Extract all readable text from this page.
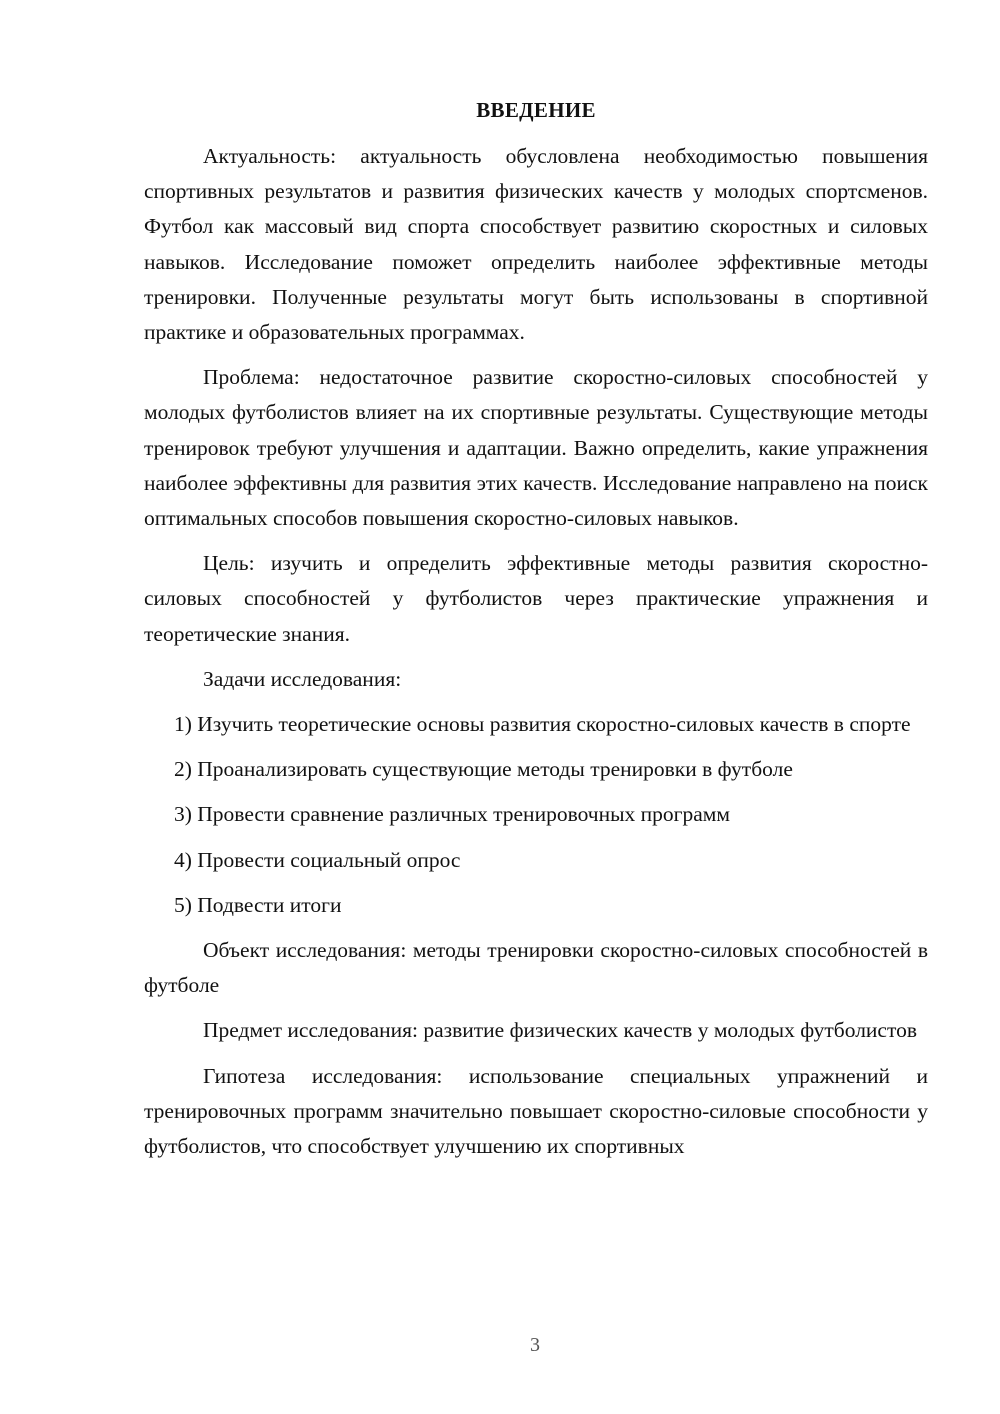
ВВЕДЕНИЕ

Актуальность: актуальность обусловлена необходимостью повышения спортивных результатов и развития физических качеств у молодых спортсменов. Футбол как массовый вид спорта способствует развитию скоростных и силовых навыков. Исследование поможет определить наиболее эффективные методы тренировки. Полученные результаты могут быть использованы в спортивной практике и образовательных программах.

Проблема: недостаточное развитие скоростно-силовых способностей у молодых футболистов влияет на их спортивные результаты. Существующие методы тренировок требуют улучшения и адаптации. Важно определить, какие упражнения наиболее эффективны для развития этих качеств. Исследование направлено на поиск оптимальных способов повышения скоростно-силовых навыков.

Цель: изучить и определить эффективные методы развития скоростно-силовых способностей у футболистов через практические упражнения и теоретические знания.

Задачи исследования:

1) Изучить теоретические основы развития скоростно-силовых качеств в спорте

2) Проанализировать существующие методы тренировки в футболе

3) Провести сравнение различных тренировочных программ

4) Провести социальный опрос

5) Подвести итоги

Объект исследования: методы тренировки скоростно-силовых способностей в футболе

Предмет исследования: развитие физических качеств у молодых футболистов

Гипотеза исследования: использование специальных упражнений и тренировочных программ значительно повышает скоростно-силовые способности у футболистов, что способствует улучшению их спортивных

3
